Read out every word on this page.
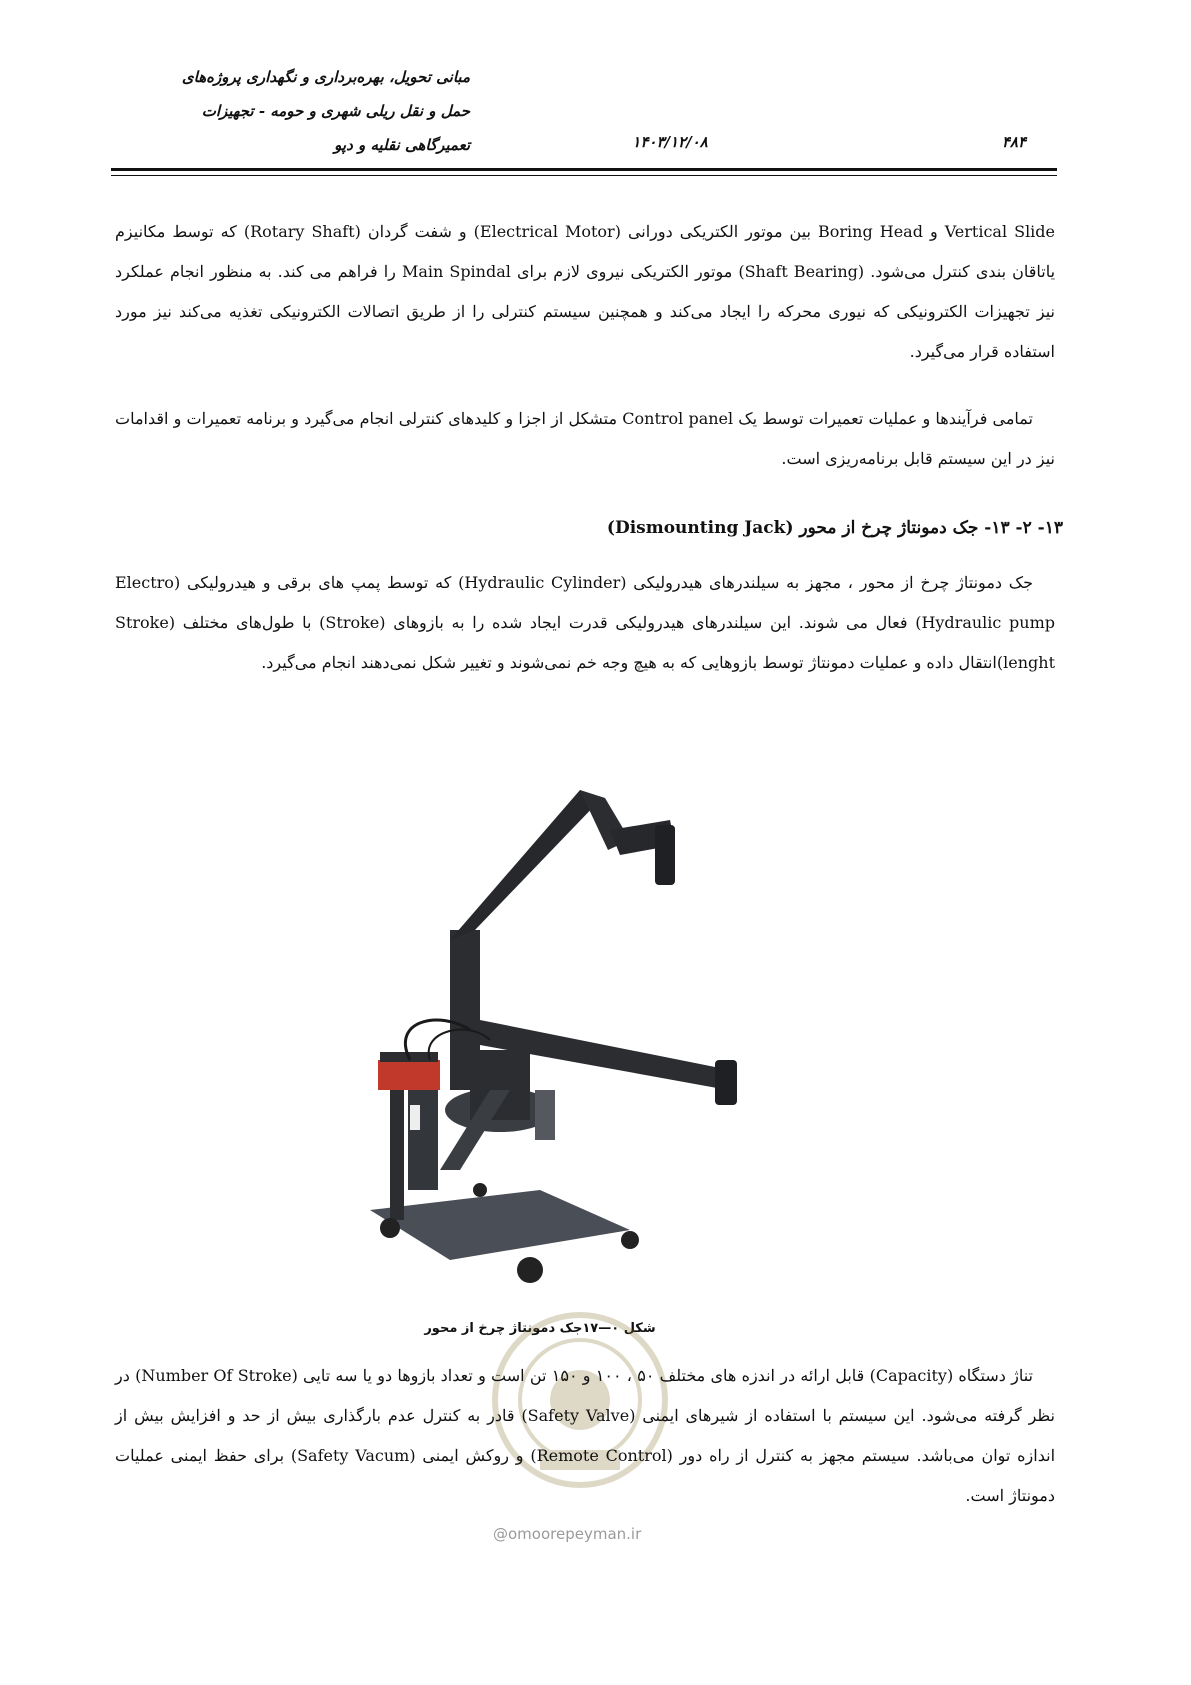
مبانی تحویل، بهره‌برداری و نگهداری پروژه‌های
حمل و نقل ریلی شهری و حومه - تجهیزات
تعمیرگاهی نقلیه و دپو	۱۴۰۳/۱۲/۰۸	۴۸۴

Vertical Slide و Boring Head بین موتور الکتریکی دورانی (Electrical Motor) و شفت گردان (Rotary Shaft) که توسط مکانیزم یاتاقان بندی کنترل می‌شود. (Shaft Bearing) موتور الکتریکی نیروی لازم برای Main Spindal را فراهم می کند. به منظور انجام عملکرد نیز تجهیزات الکترونیکی که نیوری محرکه را ایجاد می‌کند و همچنین سیستم کنترلی را از طریق اتصالات الکترونیکی تغذیه می‌کند نیز مورد استفاده قرار می‌گیرد.

تمامی فرآیندها و عملیات تعمیرات توسط یک Control panel متشکل از اجزا و کلیدهای کنترلی انجام می‌گیرد و برنامه تعمیرات و اقدامات نیز در این سیستم قابل برنامه‌ریزی است.

۱۳- ۲- ۱۳- جک دمونتاژ چرخ از محور (Dismounting Jack)

جک دمونتاژ چرخ از محور ، مجهز به سیلندرهای هیدرولیکی (Hydraulic Cylinder) که توسط پمپ های برقی و هیدرولیکی (Electro Hydraulic pump) فعال می شوند. این سیلندرهای هیدرولیکی قدرت ایجاد شده را به بازوهای (Stroke) با طول‌های مختلف (Stroke lenght)انتقال داده و عملیات دمونتاژ توسط بازوهایی که به هیچ وجه خم نمی‌شوند و تغییر شکل نمی‌دهند انجام می‌گیرد.

شکل ۰—۱۷جک دمونتاژ چرخ از محور

تناژ دستگاه (Capacity) قابل ارائه در اندزه های مختلف ۵۰ ، ۱۰۰ و ۱۵۰ تن است و تعداد بازوها دو یا سه تایی (Number Of Stroke) در نظر گرفته می‌شود. این سیستم با استفاده از شیرهای ایمنی (Safety Valve) قادر به کنترل عدم بارگذاری بیش از حد و افزایش بیش از اندازه توان می‌باشد. سیستم مجهز به کنترل از راه دور (Remote Control) و روکش ایمنی (Safety Vacum) برای حفظ ایمنی عملیات دمونتاژ است.

@omoorepeyman.ir
